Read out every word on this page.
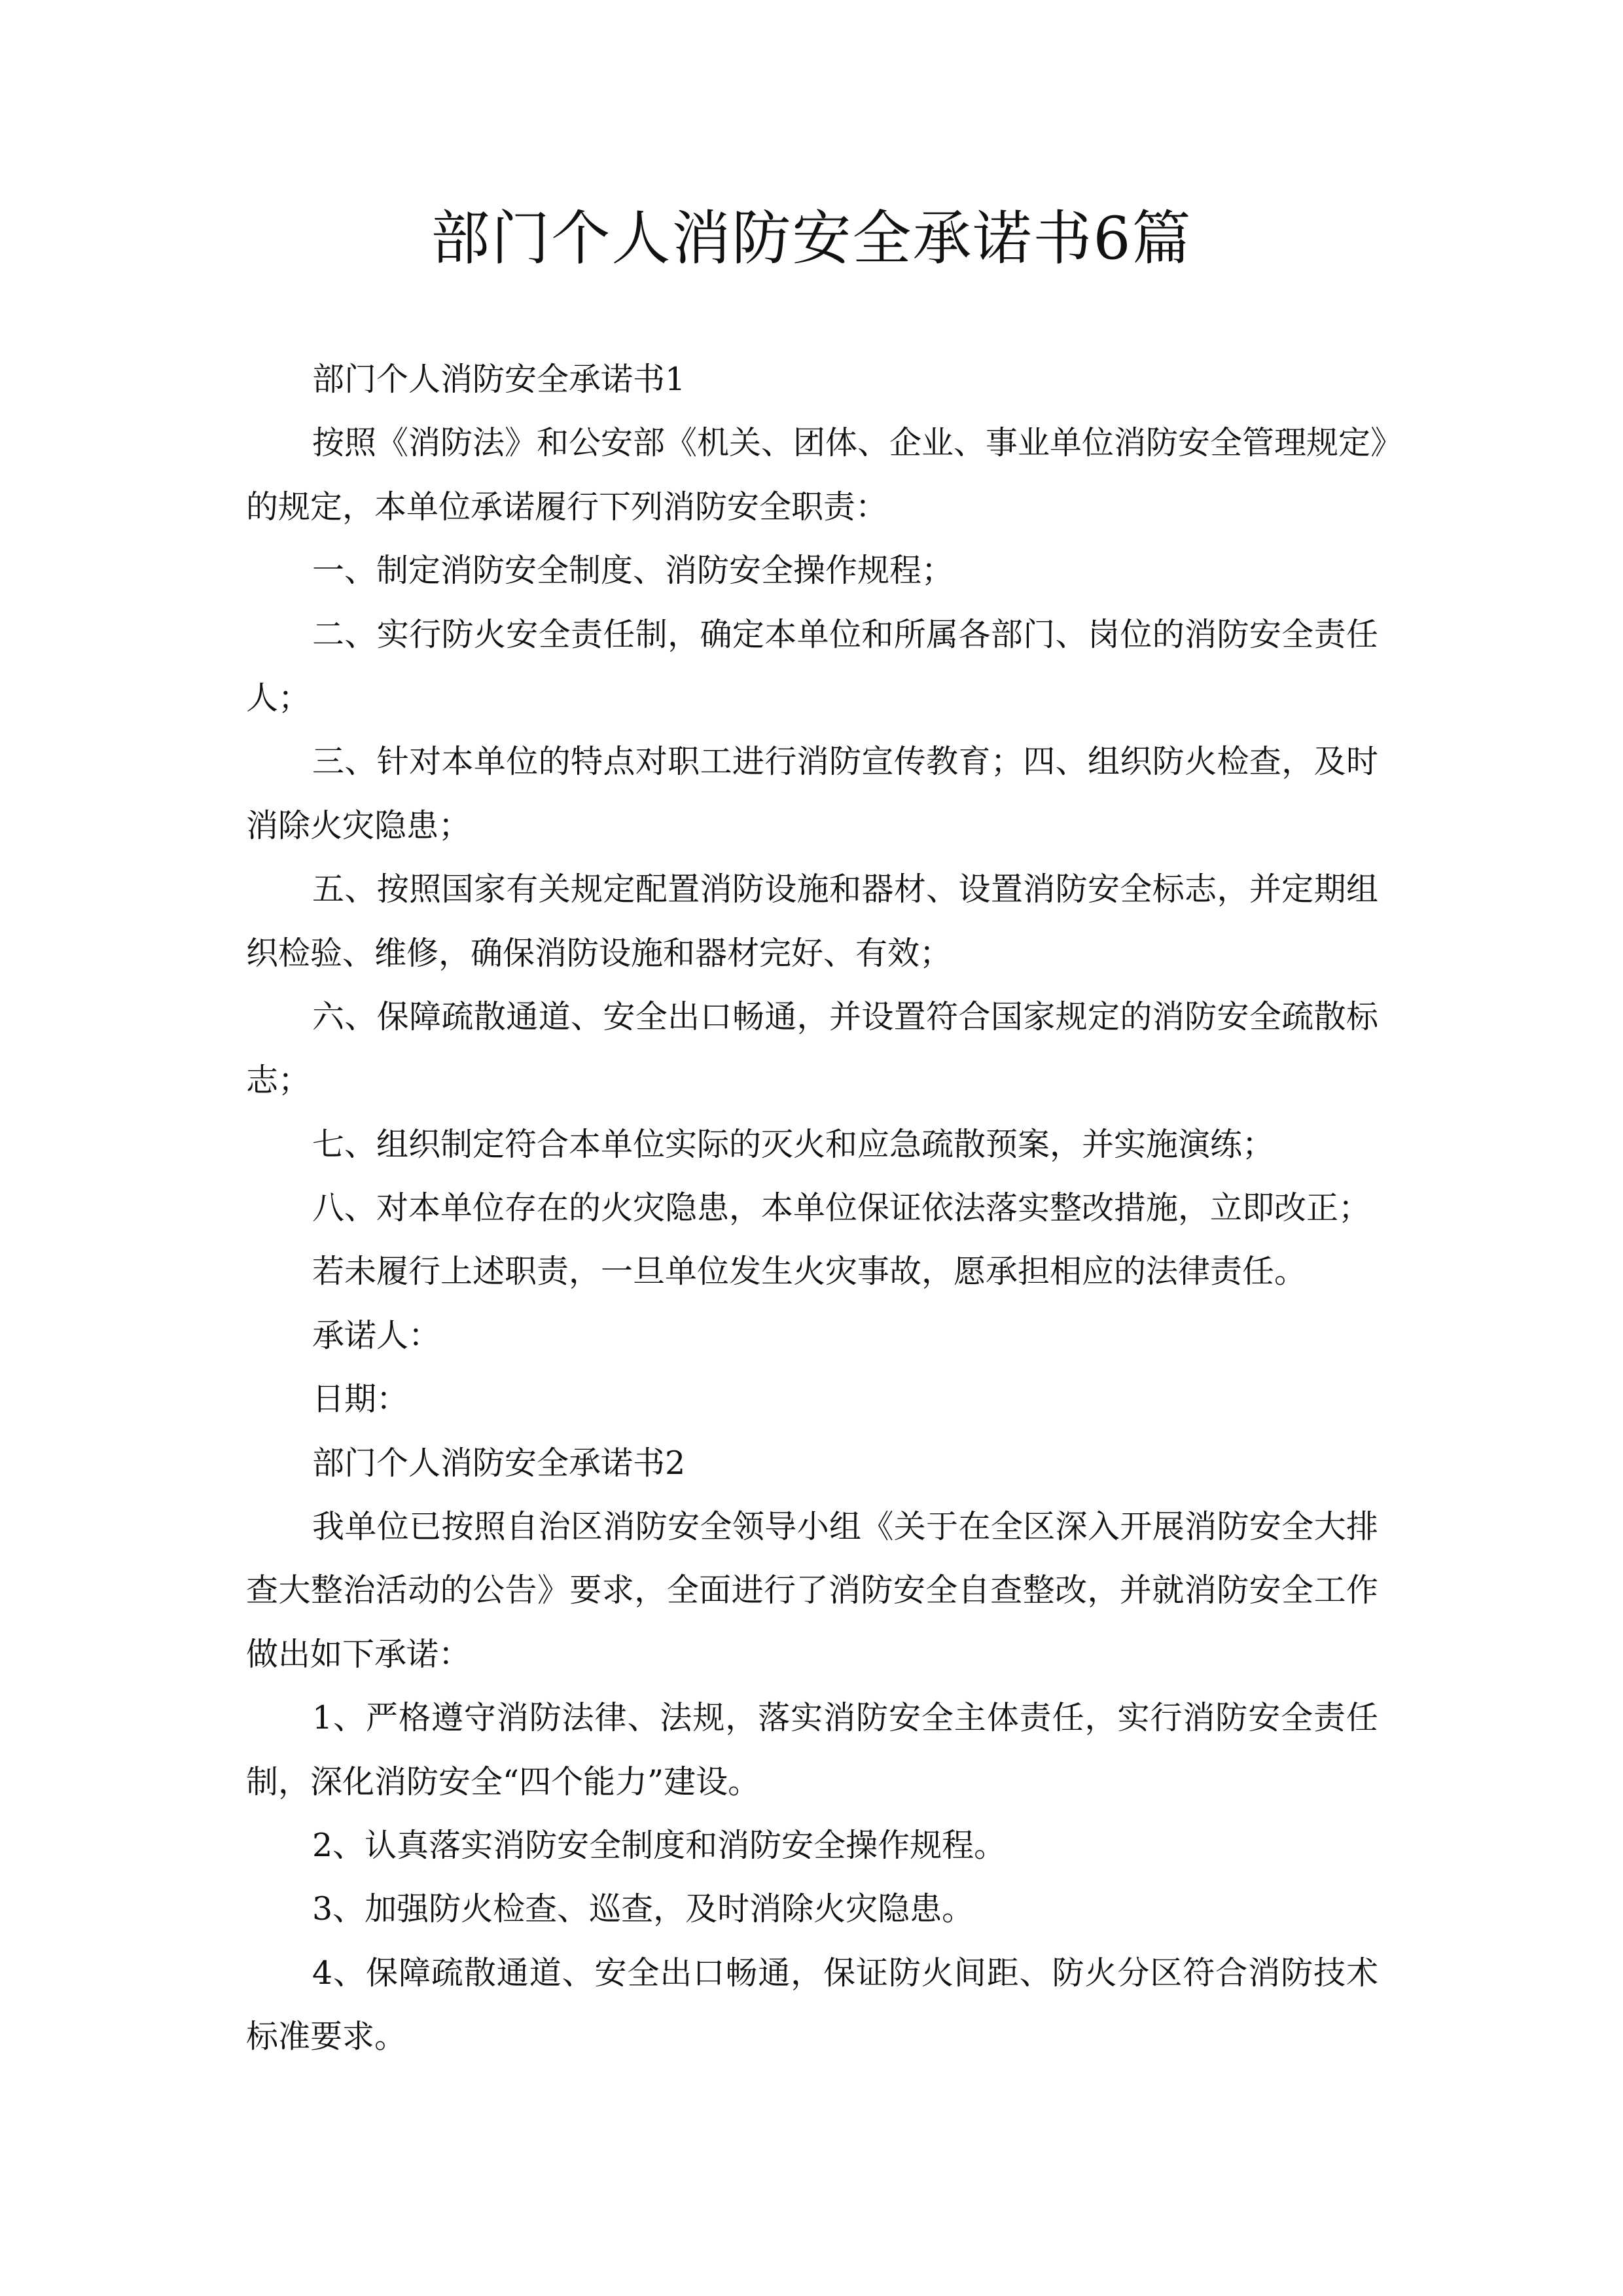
部门个人消防安全承诺书6篇
部门个人消防安全承诺书1
按照《消防法》和公安部《机关、团体、企业、事业单位消防安全管理规定》
的规定，本单位承诺履行下列消防安全职责：
一、制定消防安全制度、消防安全操作规程；
二、实行防火安全责任制，确定本单位和所属各部门、岗位的消防安全责任
人；
三、针对本单位的特点对职工进行消防宣传教育；四、组织防火检查，及时
消除火灾隐患；
五、按照国家有关规定配置消防设施和器材、设置消防安全标志，并定期组
织检验、维修，确保消防设施和器材完好、有效；
六、保障疏散通道、安全出口畅通，并设置符合国家规定的消防安全疏散标
志；
七、组织制定符合本单位实际的灭火和应急疏散预案，并实施演练；
八、对本单位存在的火灾隐患，本单位保证依法落实整改措施，立即改正；
若未履行上述职责，一旦单位发生火灾事故，愿承担相应的法律责任。
承诺人：
日期：
部门个人消防安全承诺书2
我单位已按照自治区消防安全领导小组《关于在全区深入开展消防安全大排
查大整治活动的公告》要求，全面进行了消防安全自查整改，并就消防安全工作
做出如下承诺：
1、严格遵守消防法律、法规，落实消防安全主体责任，实行消防安全责任
制，深化消防安全“四个能力”建设。
2、认真落实消防安全制度和消防安全操作规程。
3、加强防火检查、巡查，及时消除火灾隐患。
4、保障疏散通道、安全出口畅通，保证防火间距、防火分区符合消防技术
标准要求。
